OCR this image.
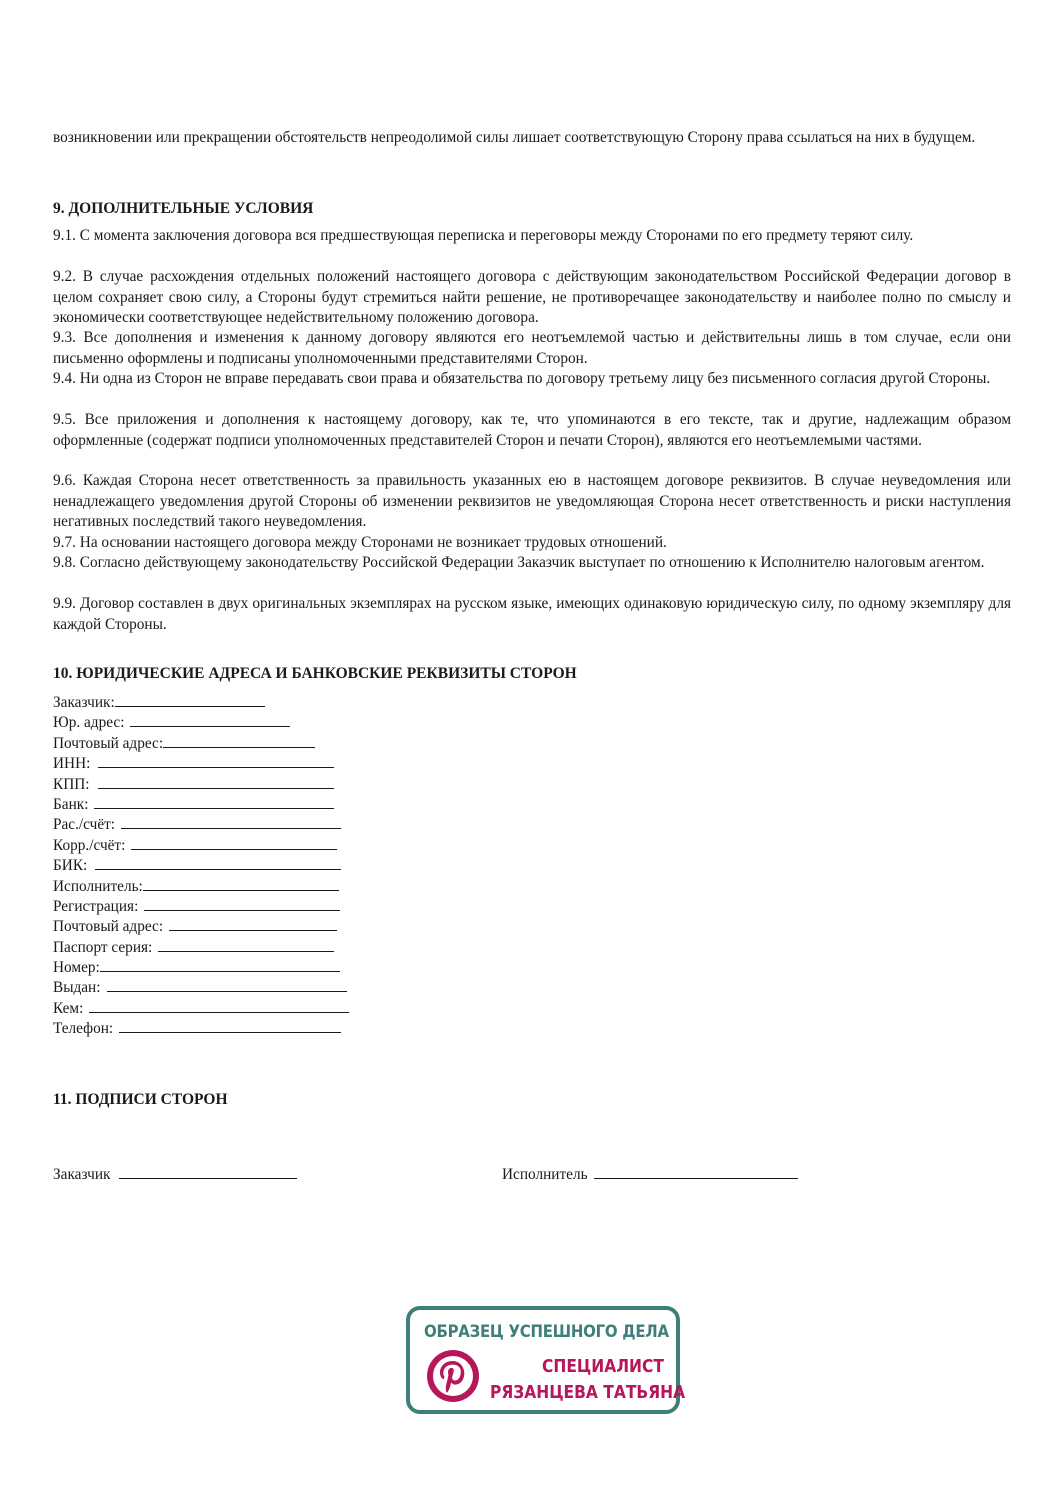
возникновении или прекращении обстоятельств непреодолимой силы лишает соответствующую Сторону права ссылаться на них в будущем.

9. ДОПОЛНИТЕЛЬНЫЕ УСЛОВИЯ

9.1. С момента заключения договора вся предшествующая переписка и переговоры между Сторонами по его предмету теряют силу.

9.2. В случае расхождения отдельных положений настоящего договора с действующим законодательством Российской Федерации договор в целом сохраняет свою силу, а Стороны будут стремиться найти решение, не противоречащее законодательству и наиболее полно по смыслу и экономически соответствующее недействительному положению договора.

9.3. Все дополнения и изменения к данному договору являются его неотъемлемой частью и действительны лишь в том случае, если они письменно оформлены и подписаны уполномоченными представителями Сторон.

9.4. Ни одна из Сторон не вправе передавать свои права и обязательства по договору третьему лицу без письменного согласия другой Стороны.

9.5. Все приложения и дополнения к настоящему договору, как те, что упоминаются в его тексте, так и другие, надлежащим образом оформленные (содержат подписи уполномоченных представителей Сторон и печати Сторон), являются его неотъемлемыми частями.

9.6. Каждая Сторона несет ответственность за правильность указанных ею в настоящем договоре реквизитов. В случае неуведомления или ненадлежащего уведомления другой Стороны об изменении реквизитов не уведомляющая Сторона несет ответственность и риски наступления негативных последствий такого неуведомления.

9.7. На основании настоящего договора между Сторонами не возникает трудовых отношений.

9.8. Согласно действующему законодательству Российской Федерации Заказчик выступает по отношению к Исполнителю налоговым агентом.

9.9. Договор составлен в двух оригинальных экземплярах на русском языке, имеющих одинаковую юридическую силу, по одному экземпляру для каждой Стороны.

10. ЮРИДИЧЕСКИЕ АДРЕСА И БАНКОВСКИЕ РЕКВИЗИТЫ СТОРОН
Заказчик:
Юр. адрес:
Почтовый адрес:
ИНН:
КПП:
Банк:
Рас./счёт:
Корр./счёт:
БИК:
Исполнитель:
Регистрация:
Почтовый адрес:
Паспорт серия:
Номер:
Выдан:
Кем:
Телефон:
11. ПОДПИСИ СТОРОН
Заказчик	Исполнитель
ОБРАЗЕЦ УСПЕШНОГО ДЕЛА
СПЕЦИАЛИСТ
РЯЗАНЦЕВА ТАТЬЯНА
